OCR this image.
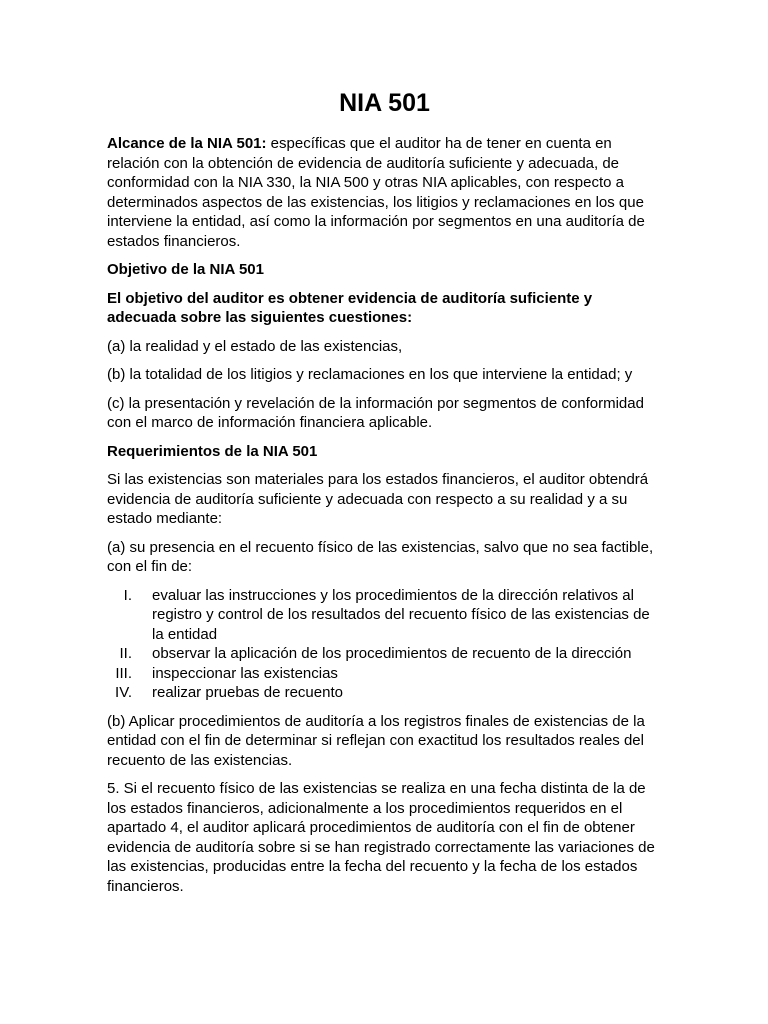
NIA 501

Alcance de la NIA 501: específicas que el auditor ha de tener en cuenta en relación con la obtención de evidencia de auditoría suficiente y adecuada, de conformidad con la NIA 330, la NIA 500 y otras NIA aplicables, con respecto a determinados aspectos de las existencias, los litigios y reclamaciones en los que interviene la entidad, así como la información por segmentos en una auditoría de estados financieros.

Objetivo de la NIA 501

El objetivo del auditor es obtener evidencia de auditoría suficiente y adecuada sobre las siguientes cuestiones:

(a) la realidad y el estado de las existencias,

(b) la totalidad de los litigios y reclamaciones en los que interviene la entidad; y

(c) la presentación y revelación de la información por segmentos de conformidad con el marco de información financiera aplicable.

Requerimientos de la NIA 501

Si las existencias son materiales para los estados financieros, el auditor obtendrá evidencia de auditoría suficiente y adecuada con respecto a su realidad y a su estado mediante:

(a) su presencia en el recuento físico de las existencias, salvo que no sea factible, con el fin de:

I. evaluar las instrucciones y los procedimientos de la dirección relativos al registro y control de los resultados del recuento físico de las existencias de la entidad
II. observar la aplicación de los procedimientos de recuento de la dirección
III. inspeccionar las existencias
IV. realizar pruebas de recuento

(b) Aplicar procedimientos de auditoría a los registros finales de existencias de la entidad con el fin de determinar si reflejan con exactitud los resultados reales del recuento de las existencias.

5. Si el recuento físico de las existencias se realiza en una fecha distinta de la de los estados financieros, adicionalmente a los procedimientos requeridos en el apartado 4, el auditor aplicará procedimientos de auditoría con el fin de obtener evidencia de auditoría sobre si se han registrado correctamente las variaciones de las existencias, producidas entre la fecha del recuento y la fecha de los estados financieros.
